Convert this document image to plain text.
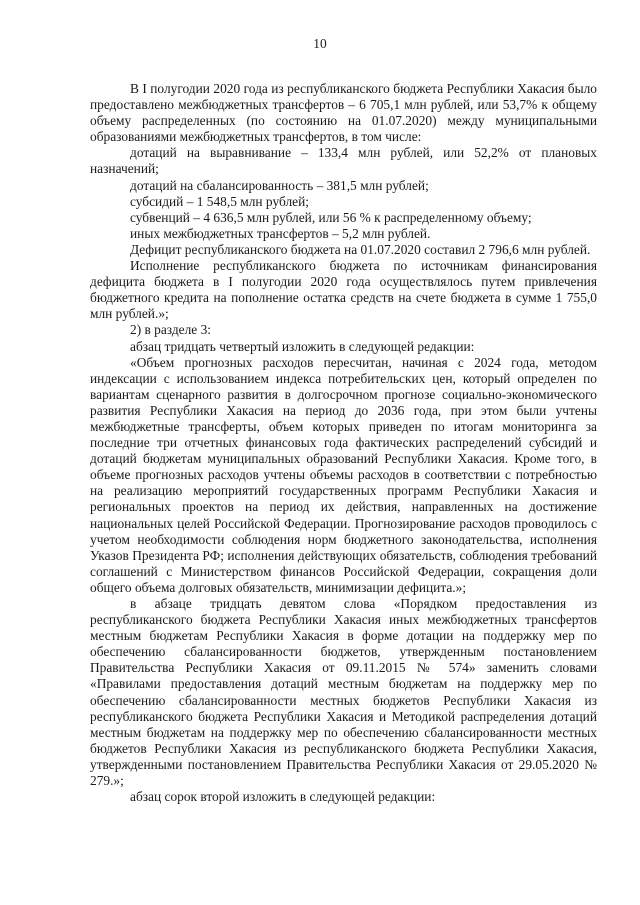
10

В I полугодии 2020 года из республиканского бюджета Республики Хакасия было предоставлено межбюджетных трансфертов – 6 705,1 млн рублей, или 53,7% к общему объему распределенных (по состоянию на 01.07.2020) между муниципальными образованиями межбюджетных трансфертов, в том числе:

дотаций на выравнивание – 133,4 млн рублей, или 52,2% от плановых назначений;

дотаций на сбалансированность – 381,5 млн рублей;

субсидий – 1 548,5 млн рублей;

субвенций – 4 636,5 млн рублей, или 56 % к распределенному объему;

иных межбюджетных трансфертов – 5,2 млн рублей.

Дефицит республиканского бюджета на 01.07.2020 составил 2 796,6 млн рублей.

Исполнение республиканского бюджета по источникам финансирования дефицита бюджета в I полугодии 2020 года осуществлялось путем привлечения бюджетного кредита на пополнение остатка средств на счете бюджета в сумме 1 755,0 млн рублей.»;

2) в разделе 3:

абзац тридцать четвертый изложить в следующей редакции:

«Объем прогнозных расходов пересчитан, начиная с 2024 года, методом индексации с использованием индекса потребительских цен, который определен по вариантам сценарного развития в долгосрочном прогнозе социально-экономического развития Республики Хакасия на период до 2036 года, при этом были учтены межбюджетные трансферты, объем которых приведен по итогам мониторинга за последние три отчетных финансовых года фактических распределений субсидий и дотаций бюджетам муниципальных образований Республики Хакасия. Кроме того, в объеме прогнозных расходов учтены объемы расходов в соответствии с потребностью на реализацию мероприятий государственных программ Республики Хакасия и региональных проектов на период их действия, направленных на достижение национальных целей Российской Федерации. Прогнозирование расходов проводилось с учетом необходимости соблюдения норм бюджетного законодательства, исполнения Указов Президента РФ; исполнения действующих обязательств, соблюдения требований соглашений с Министерством финансов Российской Федерации, сокращения доли общего объема долговых обязательств, минимизации дефицита.»;

в абзаце тридцать девятом слова «Порядком предоставления из республиканского бюджета Республики Хакасия иных межбюджетных трансфертов местным бюджетам Республики Хакасия в форме дотации на поддержку мер по обеспечению сбалансированности бюджетов, утвержденным постановлением Правительства Республики Хакасия от 09.11.2015 № 574» заменить словами «Правилами предоставления дотаций местным бюджетам на поддержку мер по обеспечению сбалансированности местных бюджетов Республики Хакасия из республиканского бюджета Республики Хакасия и Методикой распределения дотаций местным бюджетам на поддержку мер по обеспечению сбалансированности местных бюджетов Республики Хакасия из республиканского бюджета Республики Хакасия, утвержденными постановлением Правительства Республики Хакасия от 29.05.2020 № 279.»;

абзац сорок второй изложить в следующей редакции:
